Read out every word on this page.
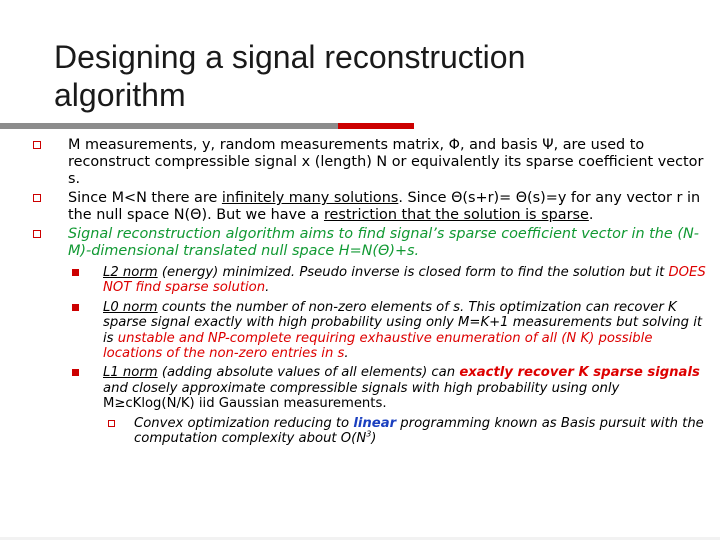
Designing a signal reconstruction
algorithm
M measurements, y, random measurements matrix, Φ, and basis Ψ, are used to reconstruct compressible signal x (length) N or equivalently its sparse coefficient vector s.
Since M<N there are infinitely many solutions. Since Θ(s+r)= Θ(s)=y for any vector r in the null space N(Θ). But we have a restriction that the solution is sparse.
Signal reconstruction algorithm aims to find signal’s sparse coefficient vector in the (N-M)-dimensional translated null space H=N(Θ)+s.
L2 norm (energy) minimized. Pseudo inverse is closed form to find the solution but it DOES NOT find sparse solution.
L0 norm counts the number of non-zero elements of s. This optimization can recover K sparse signal exactly with high probability using only M=K+1 measurements but solving it is unstable and NP-complete requiring exhaustive enumeration of all (N K) possible locations of the non-zero entries in s.
L1 norm (adding absolute values of all elements) can exactly recover K sparse signals and closely approximate compressible signals with high probability using only M≥cKlog(N/K) iid Gaussian measurements.
Convex optimization reducing to linear programming known as Basis pursuit with the computation complexity about $O(N^3)$
